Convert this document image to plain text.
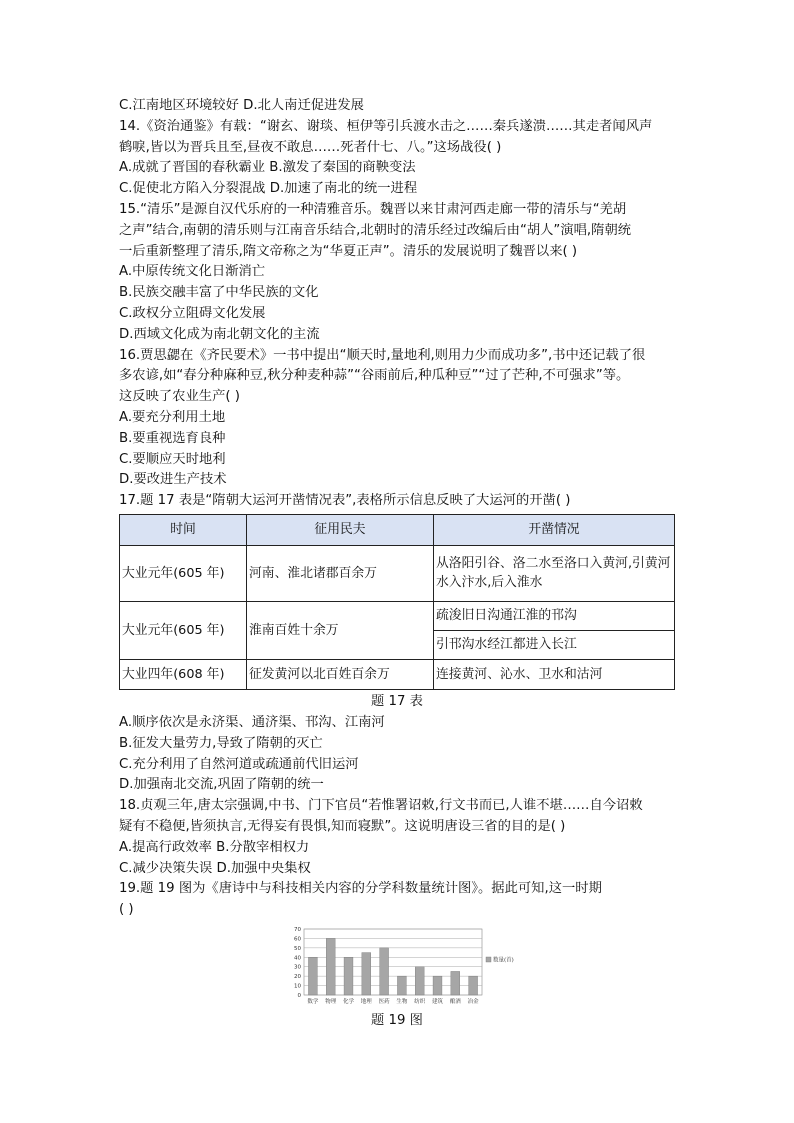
C.江南地区环境较好 D.北人南迁促进发展
14.《资治通鉴》有载：“谢玄、谢琰、桓伊等引兵渡水击之……秦兵遂溃……其走者闻风声
鹤唳,皆以为晋兵且至,昼夜不敢息……死者什七、八。”这场战役( )
A.成就了晋国的春秋霸业 B.激发了秦国的商鞅变法
C.促使北方陷入分裂混战 D.加速了南北的统一进程
15.“清乐”是源自汉代乐府的一种清雅音乐。魏晋以来甘肃河西走廊一带的清乐与“羌胡
之声”结合,南朝的清乐则与江南音乐结合,北朝时的清乐经过改编后由“胡人”演唱,隋朝统
一后重新整理了清乐,隋文帝称之为“华夏正声”。清乐的发展说明了魏晋以来( )
A.中原传统文化日渐消亡
B.民族交融丰富了中华民族的文化
C.政权分立阻碍文化发展
D.西域文化成为南北朝文化的主流
16.贾思勰在《齐民要术》一书中提出“顺天时,量地利,则用力少而成功多”,书中还记载了很
多农谚,如“春分种麻种豆,秋分种麦种蒜”“谷雨前后,种瓜种豆”“过了芒种,不可强求”等。
这反映了农业生产( )
A.要充分利用土地
B.要重视选育良种
C.要顺应天时地利
D.要改进生产技术
17.题 17 表是“隋朝大运河开凿情况表”,表格所示信息反映了大运河的开凿( )
时间	征用民夫	开凿情况
大业元年(605 年)	河南、淮北诸郡百余万	从洛阳引谷、洛二水至洛口入黄河,引黄河水入汴水,后入淮水
大业元年(605 年)	淮南百姓十余万	疏浚旧日沟通江淮的邗沟
		引邗沟水经江都进入长江
大业四年(608 年)	征发黄河以北百姓百余万	连接黄河、沁水、卫水和沽河
题 17 表
A.顺序依次是永济渠、通济渠、邗沟、江南河
B.征发大量劳力,导致了隋朝的灭亡
C.充分利用了自然河道或疏通前代旧运河
D.加强南北交流,巩固了隋朝的统一
18.贞观三年,唐太宗强调,中书、门下官员“若惟署诏敕,行文书而已,人谁不堪……自今诏敕
疑有不稳便,皆须执言,无得妄有畏惧,知而寝默”。这说明唐设三省的目的是( )
A.提高行政效率 B.分散宰相权力
C.减少决策失误 D.加强中央集权
19.题 19 图为《唐诗中与科技相关内容的分学科数量统计图》。据此可知,这一时期
( )
0
10
20
30
40
50
60
70
数学 物理 化学 地理 医药 生物 纺织 建筑 酿酒 冶金
数量(首)
题 19 图
